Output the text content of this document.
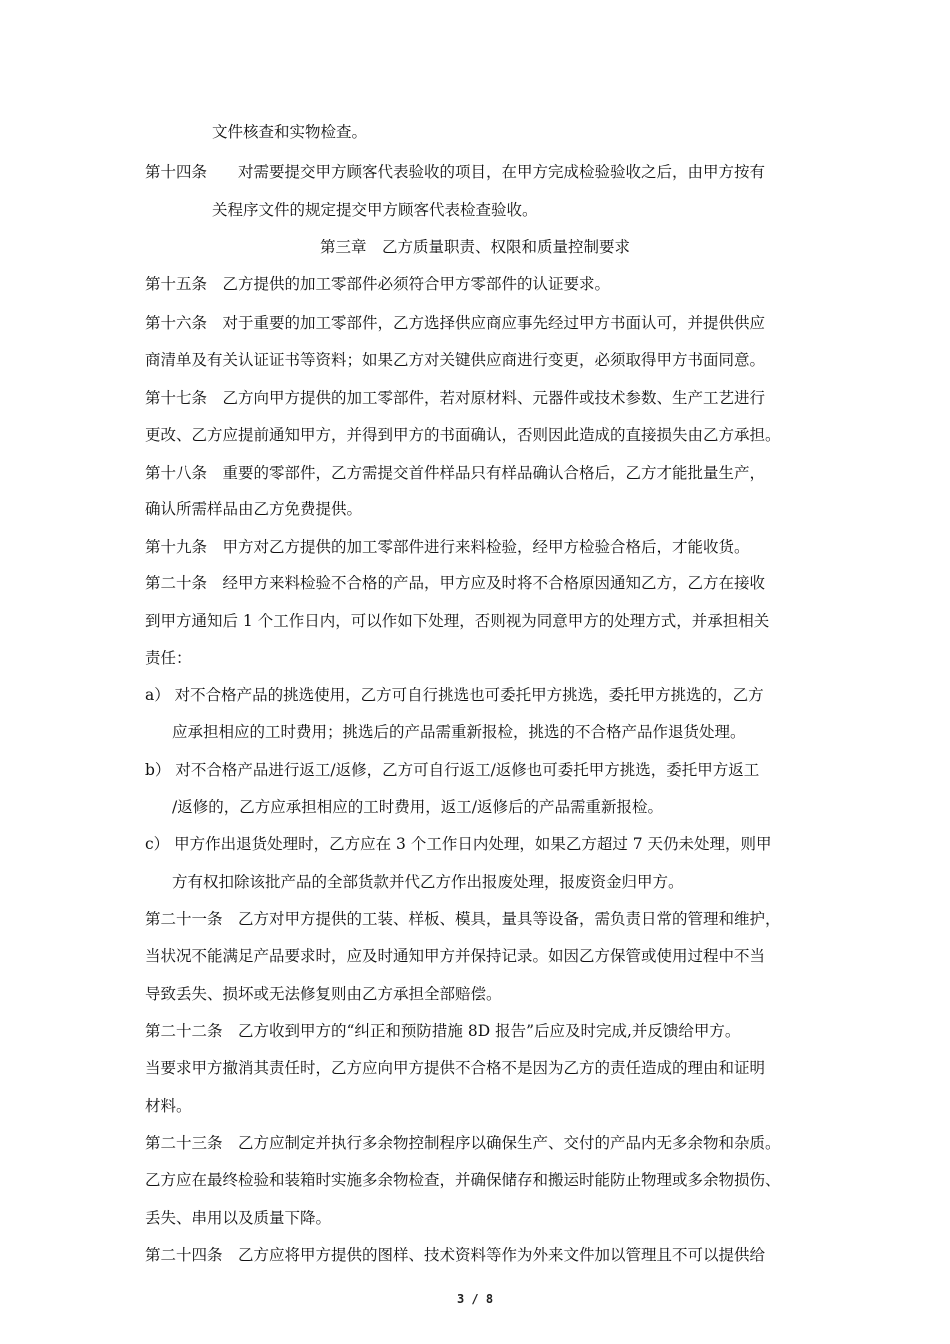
文件核查和实物检查。
第十四条　　对需要提交甲方顾客代表验收的项目，在甲方完成检验验收之后，由甲方按有
关程序文件的规定提交甲方顾客代表检查验收。
第三章　乙方质量职责、权限和质量控制要求
第十五条　乙方提供的加工零部件必须符合甲方零部件的认证要求。
第十六条　对于重要的加工零部件，乙方选择供应商应事先经过甲方书面认可，并提供供应
商清单及有关认证证书等资料；如果乙方对关键供应商进行变更，必须取得甲方书面同意。
第十七条　乙方向甲方提供的加工零部件，若对原材料、元器件或技术参数、生产工艺进行
更改、乙方应提前通知甲方，并得到甲方的书面确认，否则因此造成的直接损失由乙方承担。
第十八条　重要的零部件，乙方需提交首件样品只有样品确认合格后，乙方才能批量生产，
确认所需样品由乙方免费提供。
第十九条　甲方对乙方提供的加工零部件进行来料检验，经甲方检验合格后，才能收货。
第二十条　经甲方来料检验不合格的产品，甲方应及时将不合格原因通知乙方，乙方在接收
到甲方通知后 1 个工作日内，可以作如下处理，否则视为同意甲方的处理方式，并承担相关
责任：
a） 对不合格产品的挑选使用，乙方可自行挑选也可委托甲方挑选，委托甲方挑选的，乙方
应承担相应的工时费用；挑选后的产品需重新报检，挑选的不合格产品作退货处理。
b） 对不合格产品进行返工/返修，乙方可自行返工/返修也可委托甲方挑选，委托甲方返工
/返修的，乙方应承担相应的工时费用，返工/返修后的产品需重新报检。
c） 甲方作出退货处理时，乙方应在 3 个工作日内处理，如果乙方超过 7 天仍未处理，则甲
方有权扣除该批产品的全部货款并代乙方作出报废处理，报废资金归甲方。
第二十一条　乙方对甲方提供的工装、样板、模具，量具等设备，需负责日常的管理和维护，
当状况不能满足产品要求时，应及时通知甲方并保持记录。如因乙方保管或使用过程中不当
导致丢失、损坏或无法修复则由乙方承担全部赔偿。
第二十二条　乙方收到甲方的“纠正和预防措施 8D 报告”后应及时完成,并反馈给甲方。
当要求甲方撤消其责任时，乙方应向甲方提供不合格不是因为乙方的责任造成的理由和证明
材料。
第二十三条　乙方应制定并执行多余物控制程序以确保生产、交付的产品内无多余物和杂质。
乙方应在最终检验和装箱时实施多余物检查，并确保储存和搬运时能防止物理或多余物损伤、
丢失、串用以及质量下降。
第二十四条　乙方应将甲方提供的图样、技术资料等作为外来文件加以管理且不可以提供给
3 / 8
